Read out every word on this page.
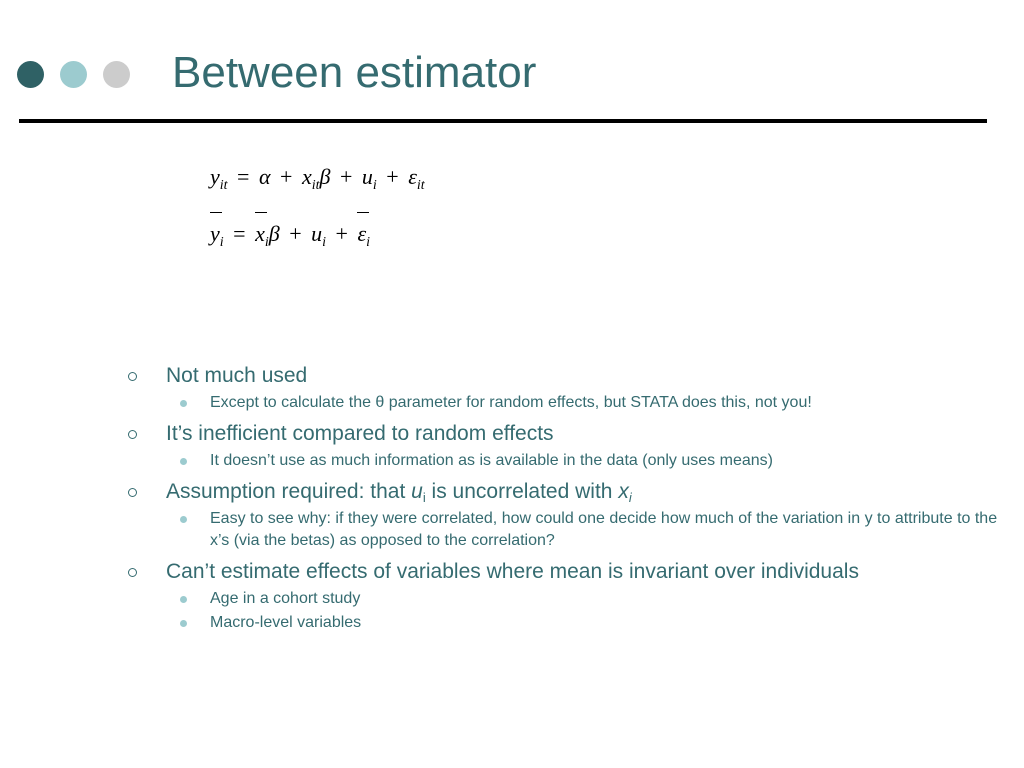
Between estimator
$y_{it} = \alpha + x_{it}\beta + u_i + \varepsilon_{it}$
$y_i = x_i\beta + u_i + \varepsilon_i$
Not much used
Except to calculate the θ parameter for random effects, but STATA does this, not you!
It’s inefficient compared to random effects
It doesn’t use as much information as is available in the data (only uses means)
Assumption required: that $u_i$ is uncorrelated with $x_i$
Easy to see why: if they were correlated, how could one decide how much of the variation in y to attribute to the x’s (via the betas) as opposed to the correlation?
Can’t estimate effects of variables where mean is invariant over individuals
Age in a cohort study
Macro-level variables
